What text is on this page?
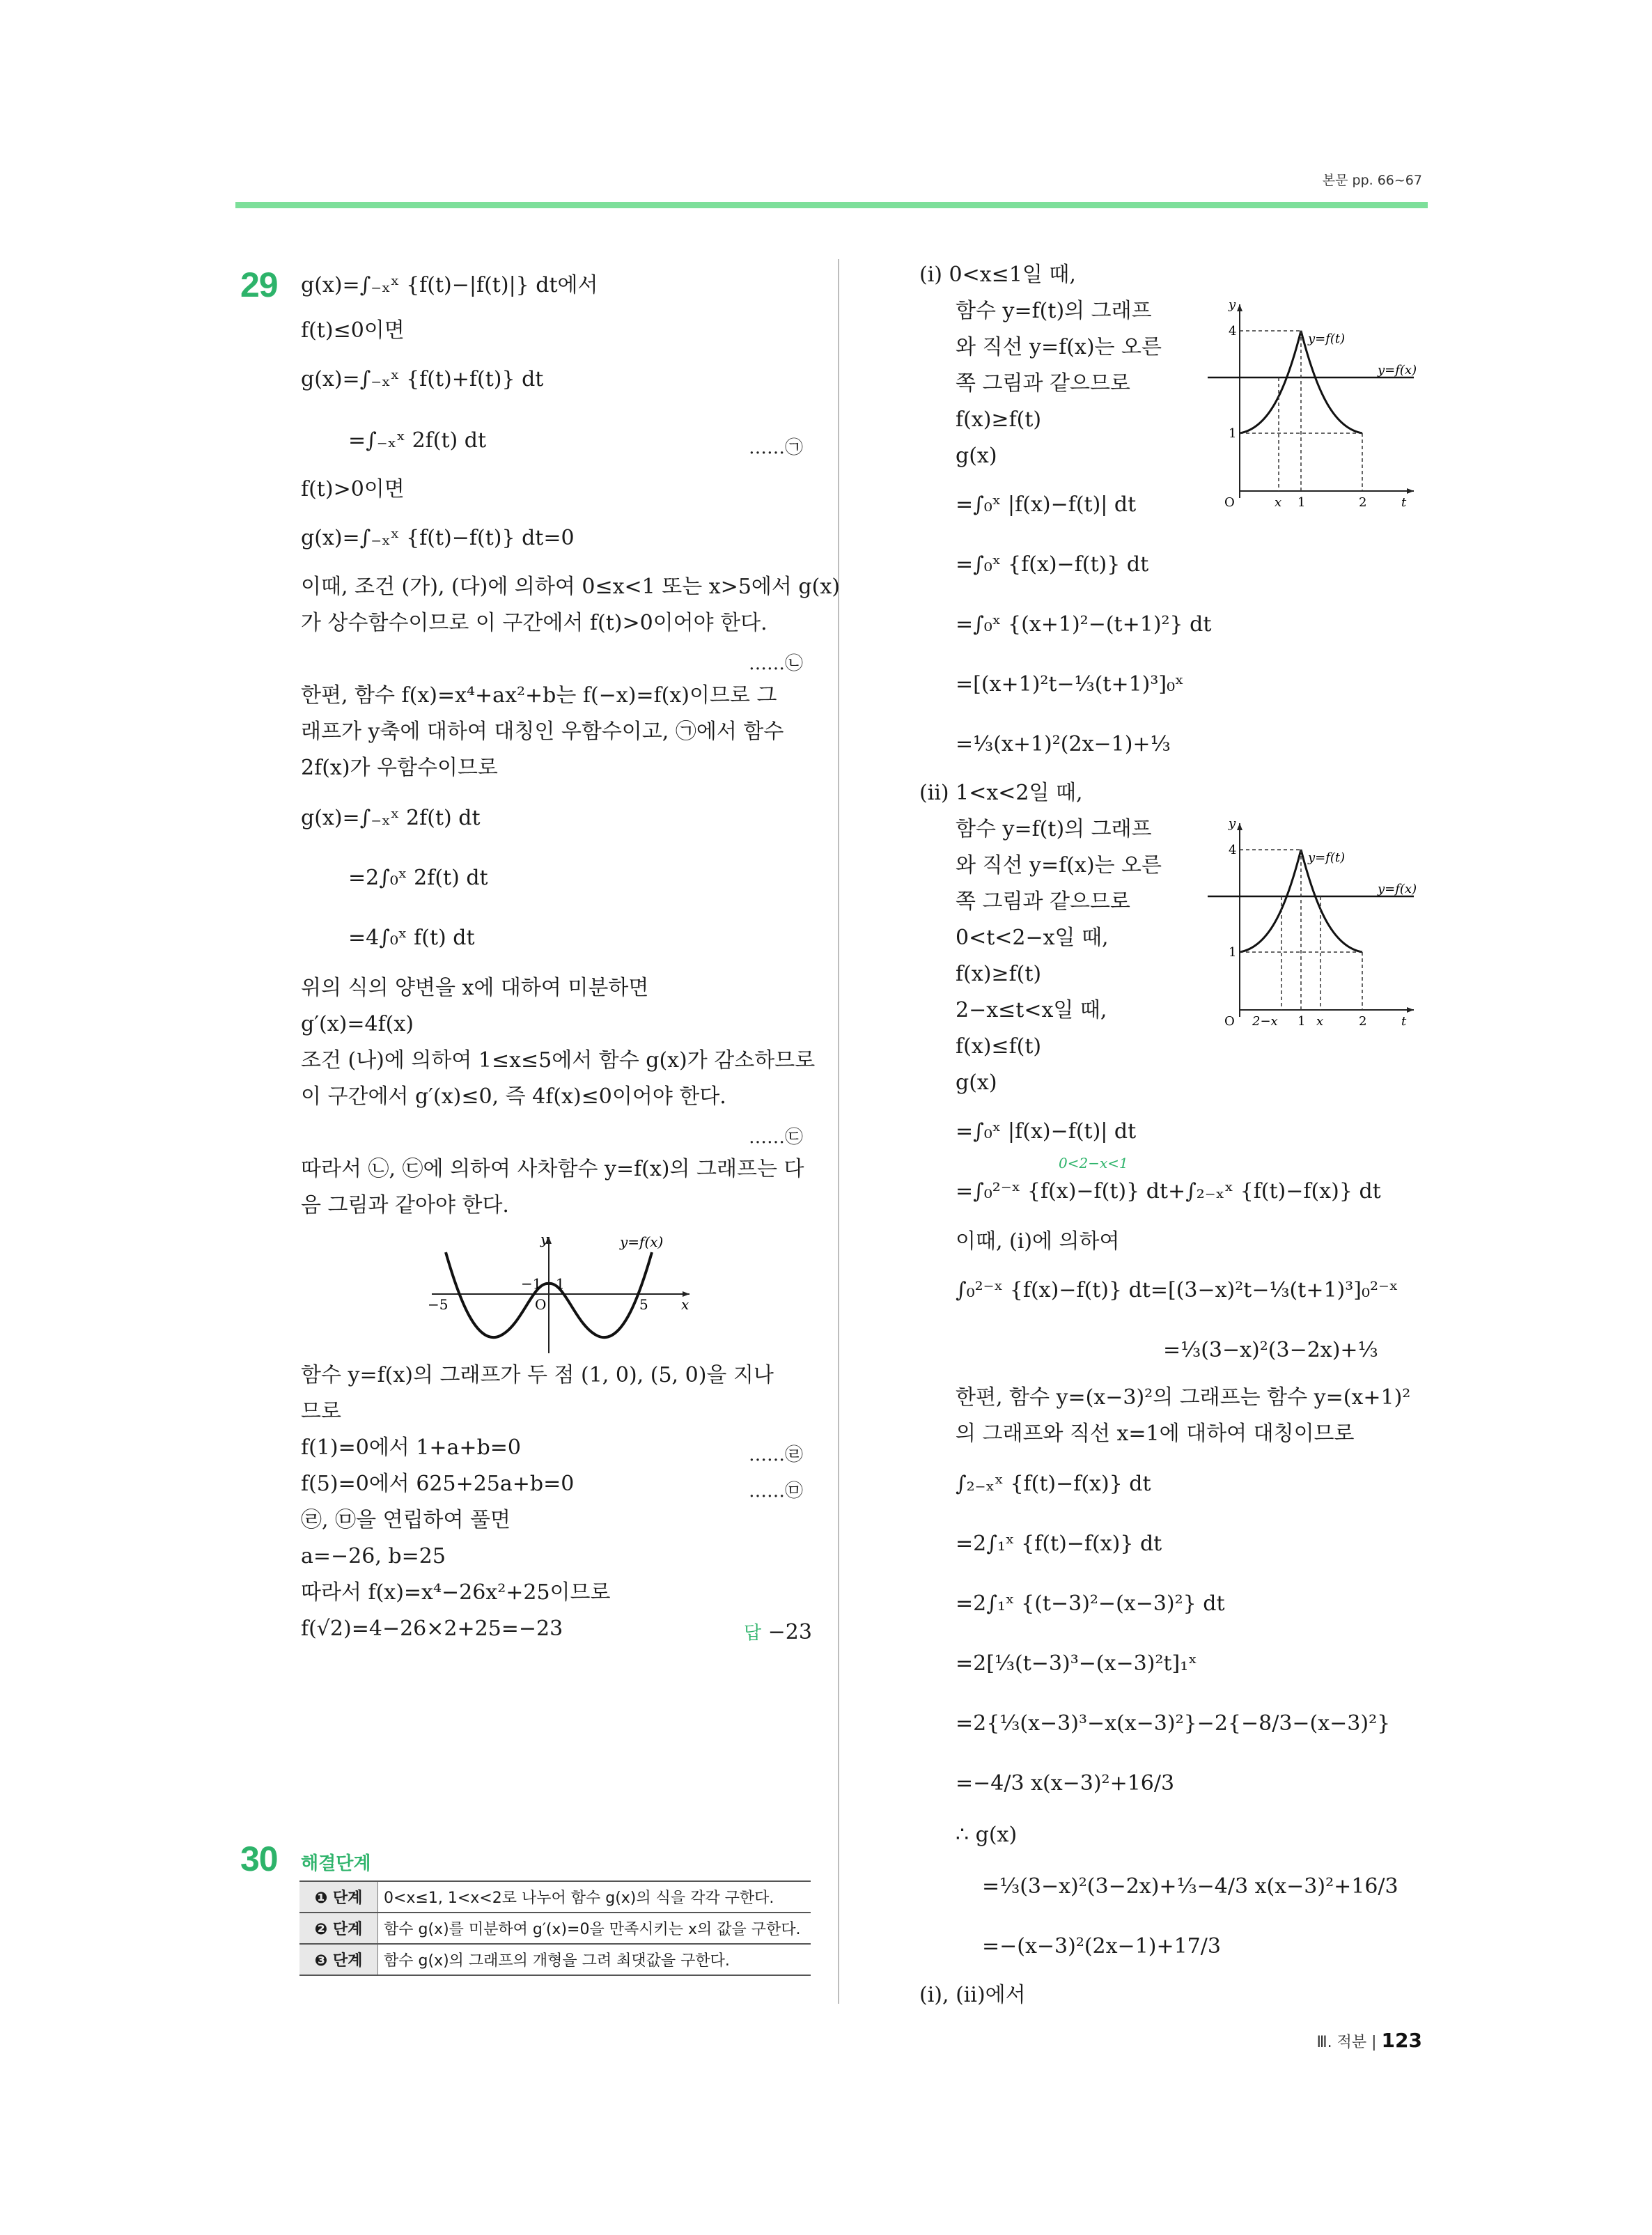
본문 pp. 66~67
29 g(x)=∫₋ₓˣ {f(t)−|f(t)|} dt에서
f(t)≤0이면
g(x)=∫₋ₓˣ {f(t)+f(t)} dt
=∫₋ₓˣ 2f(t) dt	……㉠
f(t)>0이면
g(x)=∫₋ₓˣ {f(t)−f(t)} dt=0
이때, 조건 (가), (다)에 의하여 0≤x<1 또는 x>5에서 g(x)
가 상수함수이므로 이 구간에서 f(t)>0이어야 한다.
……㉡
한편, 함수 f(x)=x⁴+ax²+b는 f(−x)=f(x)이므로 그
래프가 y축에 대하여 대칭인 우함수이고, ㉠에서 함수
2f(x)가 우함수이므로
g(x)=∫₋ₓˣ 2f(t) dt
=2∫₀ˣ 2f(t) dt
=4∫₀ˣ f(t) dt
위의 식의 양변을 x에 대하여 미분하면
g′(x)=4f(x)
조건 (나)에 의하여 1≤x≤5에서 함수 g(x)가 감소하므로
이 구간에서 g′(x)≤0, 즉 4f(x)≤0이어야 한다.
……㉢
따라서 ㉡, ㉢에 의하여 사차함수 y=f(x)의 그래프는 다
음 그림과 같아야 한다.
y
x
O
−5
−1 1
5
y=f(x)
함수 y=f(x)의 그래프가 두 점 (1, 0), (5, 0)을 지나
므로
f(1)=0에서 1+a+b=0	……㉣
f(5)=0에서 625+25a+b=0	……㉤
㉣, ㉤을 연립하여 풀면
a=−26, b=25
따라서 f(x)=x⁴−26x²+25이므로
f(√2)=4−26×2+25=−23	답 −23
30 해결단계
❶ 단계	0<x≤1, 1<x<2로 나누어 함수 g(x)의 식을 각각 구한다.
❷ 단계	함수 g(x)를 미분하여 g′(x)=0을 만족시키는 x의 값을 구한다.
❸ 단계	함수 g(x)의 그래프의 개형을 그려 최댓값을 구한다.
(ⅰ) 0<x≤1일 때,
함수 y=f(t)의 그래프
와 직선 y=f(x)는 오른
쪽 그림과 같으므로
f(x)≥f(t)
g(x)
=∫₀ˣ |f(x)−f(t)| dt
=∫₀ˣ {f(x)−f(t)} dt
=∫₀ˣ {(x+1)²−(t+1)²} dt
=[(x+1)²t−⅓(t+1)³]₀ˣ
=⅓(x+1)²(2x−1)+⅓
y
4
1
O	x 1	2	t
y=f(t)
y=f(x)
(ⅱ) 1<x<2일 때,
함수 y=f(t)의 그래프
와 직선 y=f(x)는 오른
쪽 그림과 같으므로
0<t<2−x일 때,
f(x)≥f(t)
2−x≤t<x일 때,
f(x)≤f(t)
g(x)
=∫₀ˣ |f(x)−f(t)| dt
0<2−x<1
=∫₀²⁻ˣ {f(x)−f(t)} dt+∫₂₋ₓˣ {f(t)−f(x)} dt
이때, (ⅰ)에 의하여
∫₀²⁻ˣ {f(x)−f(t)} dt=[(3−x)²t−⅓(t+1)³]₀²⁻ˣ
=⅓(3−x)²(3−2x)+⅓
한편, 함수 y=(x−3)²의 그래프는 함수 y=(x+1)²
의 그래프와 직선 x=1에 대하여 대칭이므로
∫₂₋ₓˣ {f(t)−f(x)} dt
=2∫₁ˣ {f(t)−f(x)} dt
=2∫₁ˣ {(t−3)²−(x−3)²} dt
=2[⅓(t−3)³−(x−3)²t]₁ˣ
=2{⅓(x−3)³−x(x−3)²}−2{−8/3−(x−3)²}
=−4/3 x(x−3)²+16/3
∴ g(x)
=⅓(3−x)²(3−2x)+⅓−4/3 x(x−3)²+16/3
=−(x−3)²(2x−1)+17/3
(ⅰ), (ⅱ)에서
y
4
1
O 2−x 1 x	2	t
y=f(t)
y=f(x)
Ⅲ. 적분 | 123
